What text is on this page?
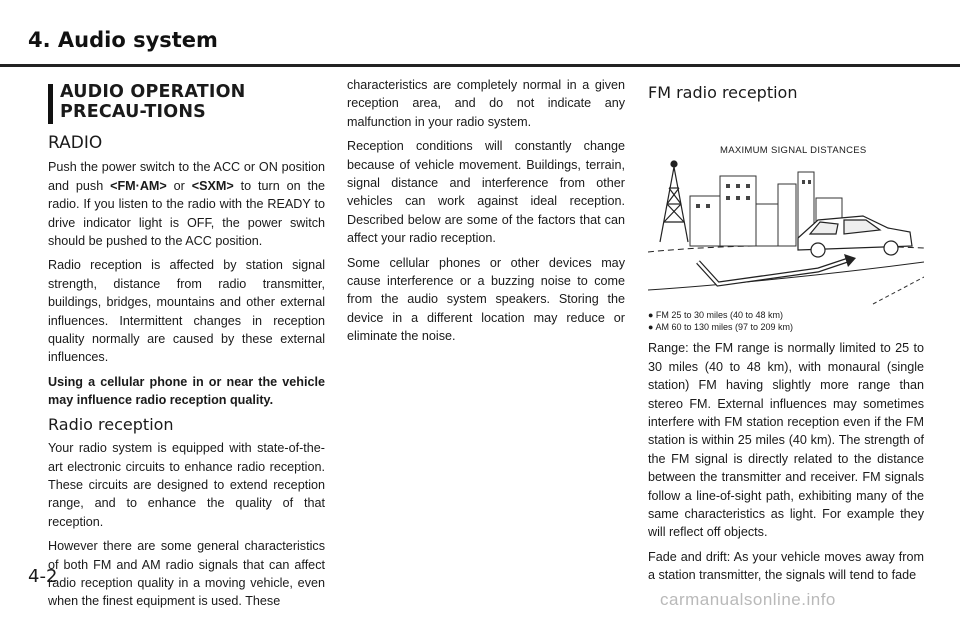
4. Audio system
AUDIO OPERATION PRECAU-TIONS
RADIO

Push the power switch to the ACC or ON position and push <FM·AM> or <SXM> to turn on the radio. If you listen to the radio with the READY to drive indicator light is OFF, the power switch should be pushed to the ACC position.

Radio reception is affected by station signal strength, distance from radio transmitter, buildings, bridges, mountains and other external influences. Intermittent changes in reception quality normally are caused by these external influences.

Using a cellular phone in or near the vehicle may influence radio reception quality.

Radio reception

Your radio system is equipped with state-of-the-art electronic circuits to enhance radio reception. These circuits are designed to extend reception range, and to enhance the quality of that reception.

However there are some general characteristics of both FM and AM radio signals that can affect radio reception quality in a moving vehicle, even when the finest equipment is used. These

characteristics are completely normal in a given reception area, and do not indicate any malfunction in your radio system.

Reception conditions will constantly change because of vehicle movement. Buildings, terrain, signal distance and interference from other vehicles can work against ideal reception. Described below are some of the factors that can affect your radio reception.

Some cellular phones or other devices may cause interference or a buzzing noise to come from the audio system speakers. Storing the device in a different location may reduce or eliminate the noise.

FM radio reception
MAXIMUM SIGNAL DISTANCES
● FM 25 to 30 miles (40 to 48 km)
● AM 60 to 130 miles (97 to 209 km)

Range: the FM range is normally limited to 25 to 30 miles (40 to 48 km), with monaural (single station) FM having slightly more range than stereo FM. External influences may sometimes interfere with FM station reception even if the FM station is within 25 miles (40 km). The strength of the FM signal is directly related to the distance between the transmitter and receiver. FM signals follow a line-of-sight path, exhibiting many of the same characteristics as light. For example they will reflect off objects.

Fade and drift: As your vehicle moves away from a station transmitter, the signals will tend to fade

4-2
carmanualsonline.info
